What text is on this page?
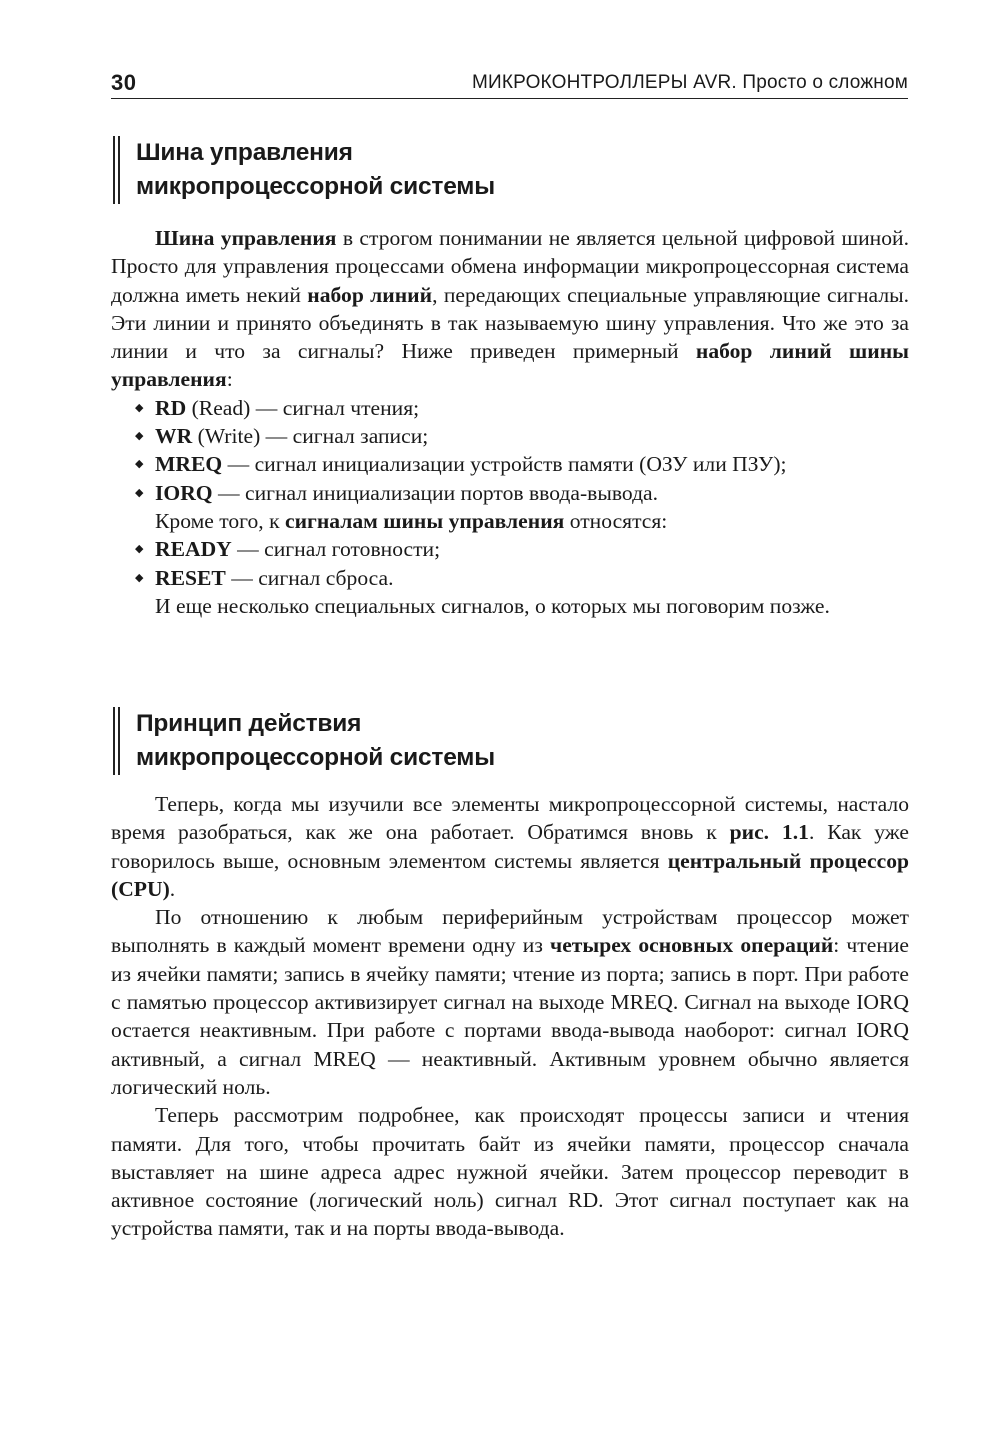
30	МИКРОКОНТРОЛЛЕРЫ AVR. Просто о сложном
Шина управления
микропроцессорной системы

Шина управления в строгом понимании не является цельной цифровой шиной. Просто для управления процессами обмена информации микропроцессорная система должна иметь некий набор линий, передающих специальные управляющие сигналы. Эти линии и принято объединять в так называемую шину управления. Что же это за линии и что за сигналы? Ниже приведен примерный набор линий шины управления:

◆ RD (Read) — сигнал чтения;
◆ WR (Write) — сигнал записи;
◆ MREQ — сигнал инициализации устройств памяти (ОЗУ или ПЗУ);
◆ IORQ — сигнал инициализации портов ввода-вывода.

Кроме того, к сигналам шины управления относятся:

◆ READY — сигнал готовности;
◆ RESET — сигнал сброса.

И еще несколько специальных сигналов, о которых мы поговорим позже.

Принцип действия
микропроцессорной системы

Теперь, когда мы изучили все элементы микропроцессорной системы, настало время разобраться, как же она работает. Обратимся вновь к рис. 1.1. Как уже говорилось выше, основным элементом системы является центральный процессор (CPU).

По отношению к любым периферийным устройствам процессор может выполнять в каждый момент времени одну из четырех основных операций: чтение из ячейки памяти; запись в ячейку памяти; чтение из порта; запись в порт. При работе с памятью процессор активизирует сигнал на выходе MREQ. Сигнал на выходе IORQ остается неактивным. При работе с портами ввода-вывода наоборот: сигнал IORQ активный, а сигнал MREQ — неактивный. Активным уровнем обычно является логический ноль.

Теперь рассмотрим подробнее, как происходят процессы записи и чтения памяти. Для того, чтобы прочитать байт из ячейки памяти, процессор сначала выставляет на шине адреса адрес нужной ячейки. Затем процессор переводит в активное состояние (логический ноль) сигнал RD. Этот сигнал поступает как на устройства памяти, так и на порты ввода-вывода.
